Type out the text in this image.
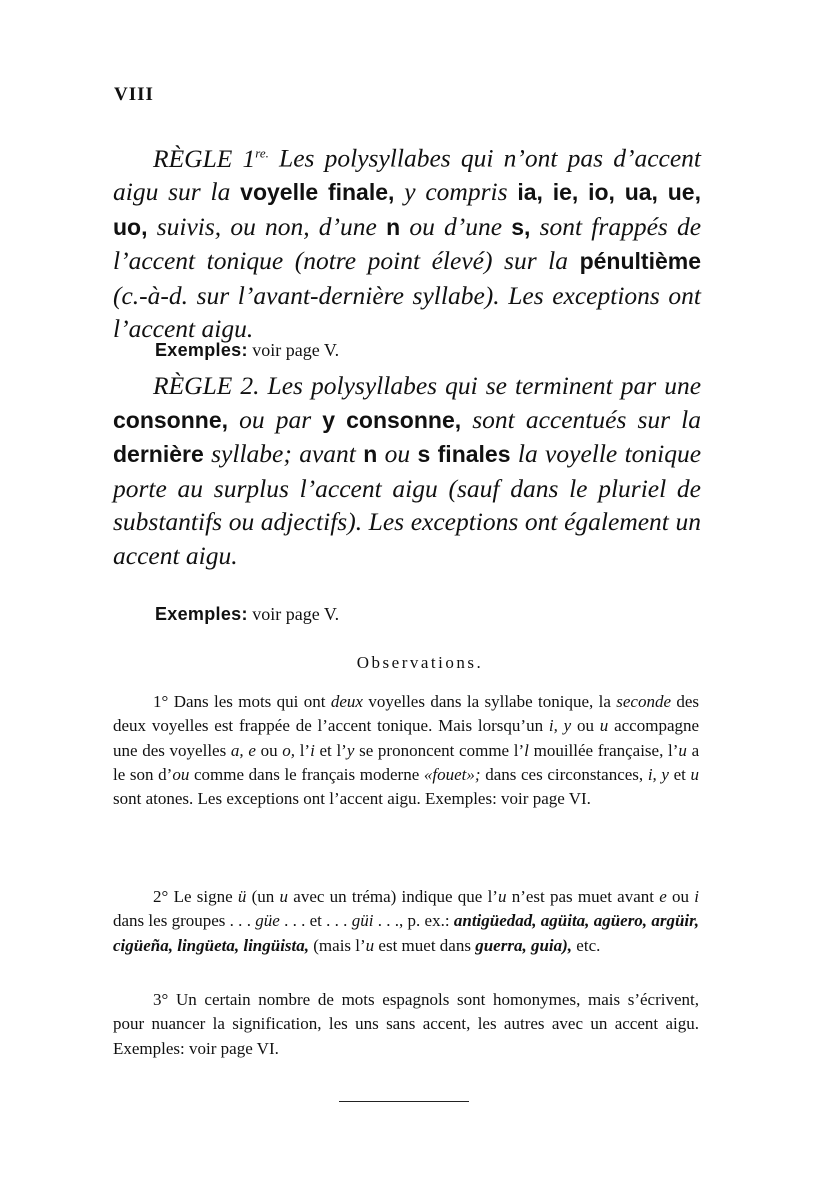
VIII

RÈGLE $1^{re.}$ Les polysyllabes qui n’ont pas d’accent aigu sur la voyelle finale, y compris ia, ie, io, ua, ue, uo, suivis, ou non, d’une n ou d’une s, sont frappés de l’accent tonique (notre point élevé) sur la pénultième (c.-à-d. sur l’avant-dernière syllabe). Les exceptions ont l’accent aigu.

Exemples: voir page V.

RÈGLE 2. Les polysyllabes qui se terminent par une consonne, ou par y consonne, sont accentués sur la dernière syllabe; avant n ou s finales la voyelle tonique porte au surplus l’accent aigu (sauf dans le pluriel de substantifs ou adjectifs). Les exceptions ont également un accent aigu.

Exemples: voir page V.
Observations.

1° Dans les mots qui ont deux voyelles dans la syllabe tonique, la seconde des deux voyelles est frappée de l’accent tonique. Mais lorsqu’un i, y ou u accompagne une des voyelles a, e ou o, l’i et l’y se prononcent comme l’l mouillée française, l’u a le son d’ou comme dans le français moderne «fouet»; dans ces circonstances, i, y et u sont atones. Les exceptions ont l’accent aigu. Exemples: voir page VI.

2° Le signe ü (un u avec un tréma) indique que l’u n’est pas muet avant e ou i dans les groupes . . . güe . . . et . . . güi . . ., p. ex.: antigüedad, agüita, agüero, argüir, cigüeña, lingüeta, lingüista, (mais l’u est muet dans guerra, guia), etc.

3° Un certain nombre de mots espagnols sont homonymes, mais s’écrivent, pour nuancer la signification, les uns sans accent, les autres avec un accent aigu. Exemples: voir page VI.
